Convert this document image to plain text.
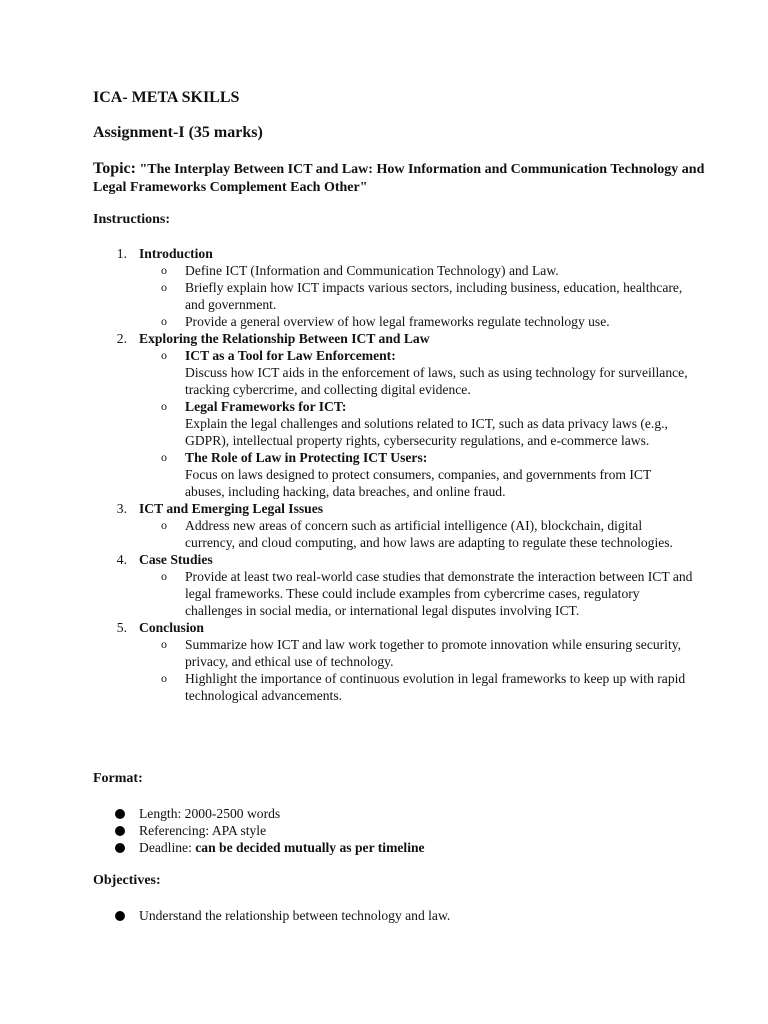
ICA- META SKILLS
Assignment-I (35 marks)
Topic: "The Interplay Between ICT and Law: How Information and Communication Technology and Legal Frameworks Complement Each Other"
Instructions:
1. Introduction
o Define ICT (Information and Communication Technology) and Law.
o Briefly explain how ICT impacts various sectors, including business, education, healthcare, and government.
o Provide a general overview of how legal frameworks regulate technology use.
2. Exploring the Relationship Between ICT and Law
o ICT as a Tool for Law Enforcement:
Discuss how ICT aids in the enforcement of laws, such as using technology for surveillance, tracking cybercrime, and collecting digital evidence.
o Legal Frameworks for ICT:
Explain the legal challenges and solutions related to ICT, such as data privacy laws (e.g., GDPR), intellectual property rights, cybersecurity regulations, and e-commerce laws.
o The Role of Law in Protecting ICT Users:
Focus on laws designed to protect consumers, companies, and governments from ICT abuses, including hacking, data breaches, and online fraud.
3. ICT and Emerging Legal Issues
o Address new areas of concern such as artificial intelligence (AI), blockchain, digital currency, and cloud computing, and how laws are adapting to regulate these technologies.
4. Case Studies
o Provide at least two real-world case studies that demonstrate the interaction between ICT and legal frameworks. These could include examples from cybercrime cases, regulatory challenges in social media, or international legal disputes involving ICT.
5. Conclusion
o Summarize how ICT and law work together to promote innovation while ensuring security, privacy, and ethical use of technology.
o Highlight the importance of continuous evolution in legal frameworks to keep up with rapid technological advancements.
Format:
Length: 2000-2500 words
Referencing: APA style
Deadline: can be decided mutually as per timeline
Objectives:
Understand the relationship between technology and law.
